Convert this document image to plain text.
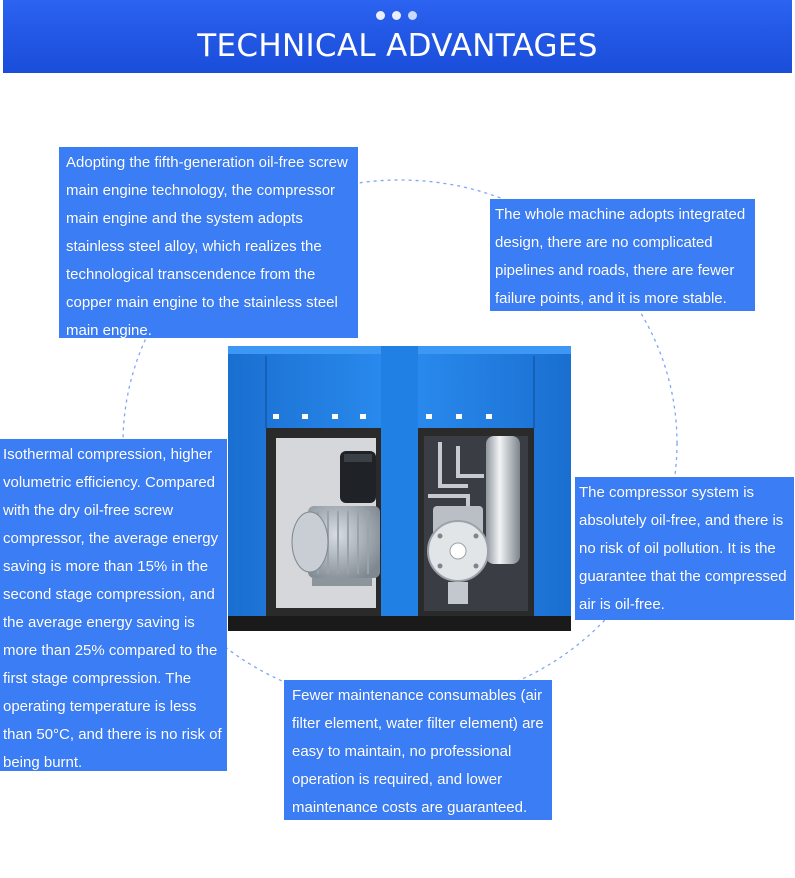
TECHNICAL ADVANTAGES
Adopting the fifth-generation oil-free screw main engine technology, the compressor main engine and the system adopts stainless steel alloy, which realizes the technological transcendence from the copper main engine to the stainless steel main engine.
The whole machine adopts integrated design, there are no complicated pipelines and roads, there are fewer failure points, and it is more stable.
Isothermal compression, higher volumetric efficiency. Compared with the dry oil-free screw compressor, the average energy saving is more than 15% in the second stage compression, and the average energy saving is more than 25% compared to the first stage compression. The operating temperature is less than 50°C, and there is no risk of being burnt.
The compressor system is absolutely oil-free, and there is no risk of oil pollution. It is the guarantee that the compressed air is oil-free.
Fewer maintenance consumables (air filter element, water filter element) are easy to maintain, no professional operation is required, and lower maintenance costs are guaranteed.
